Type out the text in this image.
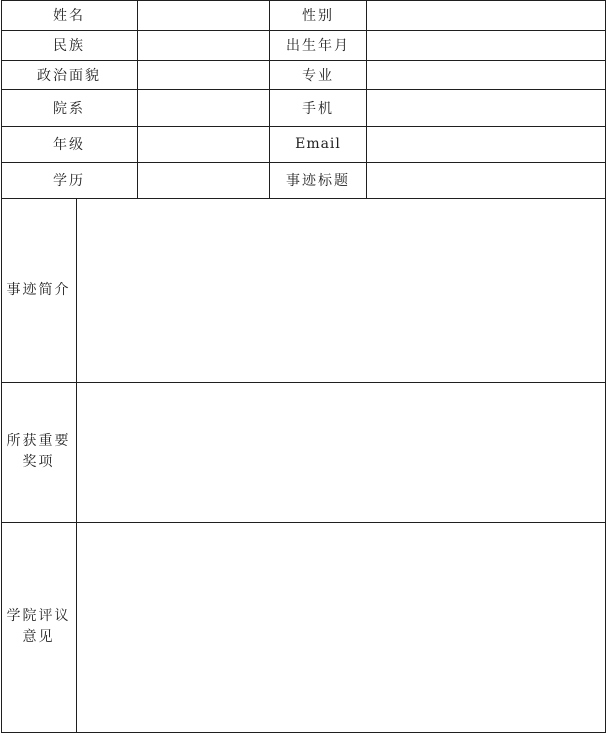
姓名	性别
民族	出生年月
政治面貌	专业
院系	手机
年级	Email
学历	事迹标题
事迹简介
所获重要
奖项
学院评议
意见
